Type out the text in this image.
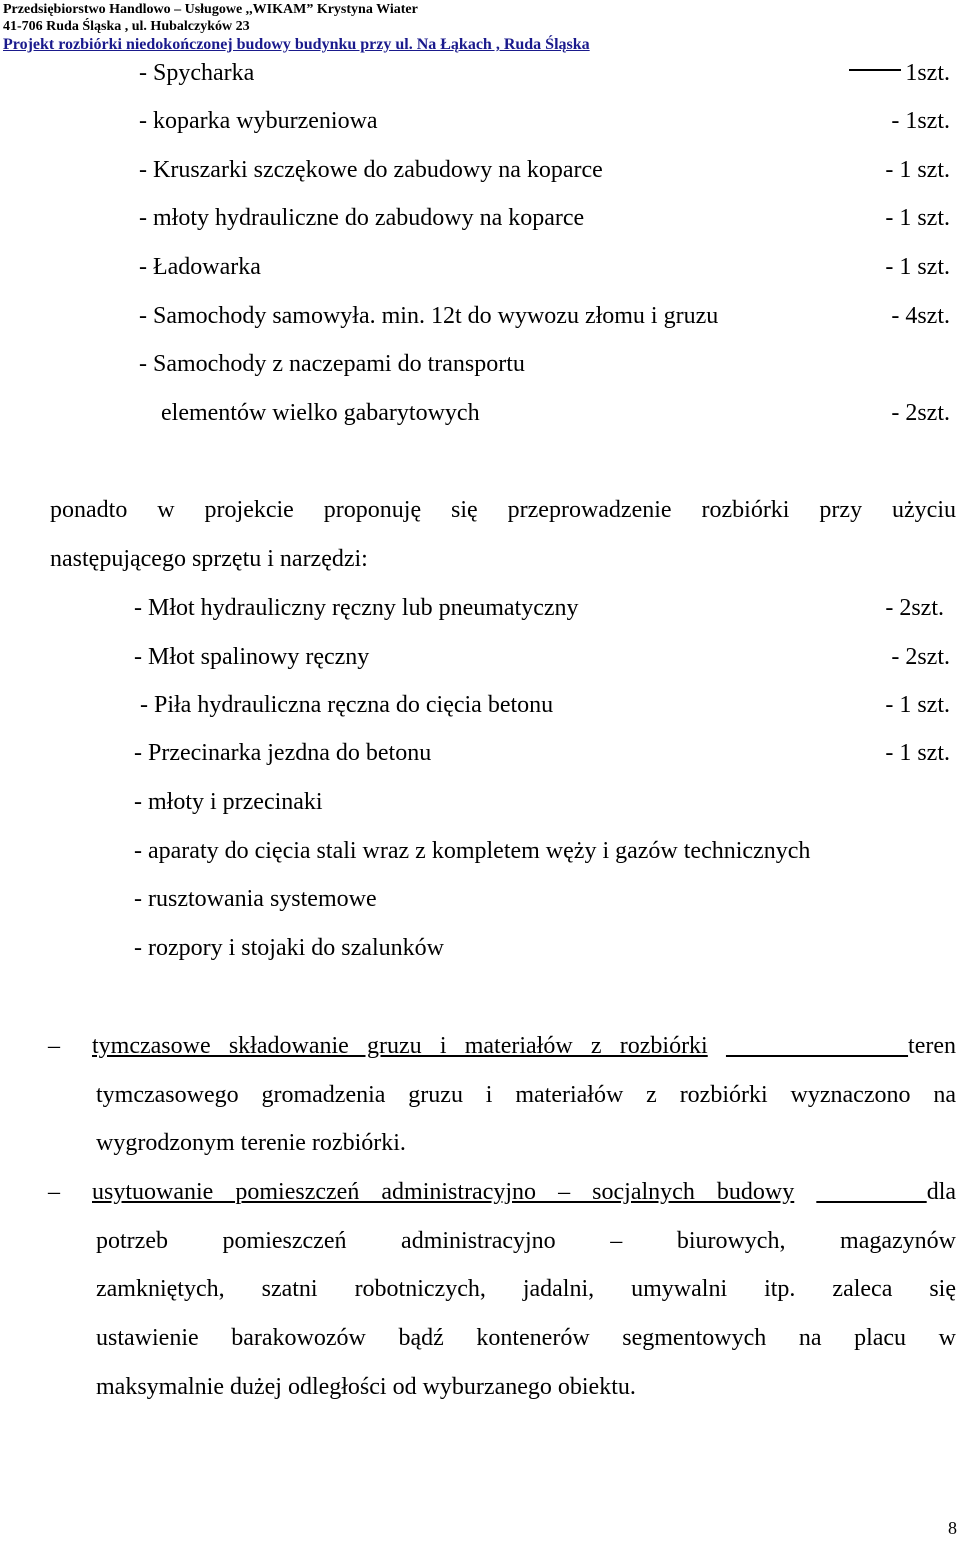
Przedsiębiorstwo Handlowo – Usługowe ,,WIKAM” Krystyna Wiater
41-706 Ruda Śląska , ul. Hubalczyków 23
Projekt rozbiórki niedokończonej budowy budynku przy ul. Na Łąkach , Ruda Śląska
- Spycharka	1szt.
- koparka wyburzeniowa	- 1szt.
- Kruszarki szczękowe do zabudowy na koparce	- 1 szt.
- młoty hydrauliczne do zabudowy na koparce	- 1 szt.
- Ładowarka	- 1 szt.
- Samochody samowyła. min. 12t do wywozu złomu i gruzu	- 4szt.
- Samochody z naczepami do transportu
elementów wielko gabarytowych	- 2szt.
ponadto w projekcie proponuję się przeprowadzenie rozbiórki przy użyciu
następującego sprzętu i narzędzi:
- Młot hydrauliczny ręczny lub pneumatyczny	- 2szt.
- Młot spalinowy ręczny	- 2szt.
- Piła hydrauliczna ręczna do cięcia betonu	- 1 szt.
- Przecinarka jezdna do betonu	- 1 szt.
- młoty i przecinaki
- aparaty do cięcia stali wraz z kompletem węży i gazów technicznych
- rusztowania systemowe
- rozpory i stojaki do szalunków
– tymczasowe składowanie gruzu i materiałów z rozbiórki	teren
tymczasowego gromadzenia gruzu i materiałów z rozbiórki wyznaczono na
wygrodzonym terenie rozbiórki.
– usytuowanie pomieszczeń administracyjno – socjalnych budowy	dla
potrzeb pomieszczeń administracyjno – biurowych, magazynów
zamkniętych, szatni robotniczych, jadalni, umywalni itp. zaleca się
ustawienie barakowozów bądź kontenerów segmentowych na placu w
maksymalnie dużej odległości od wyburzanego obiektu.
8
